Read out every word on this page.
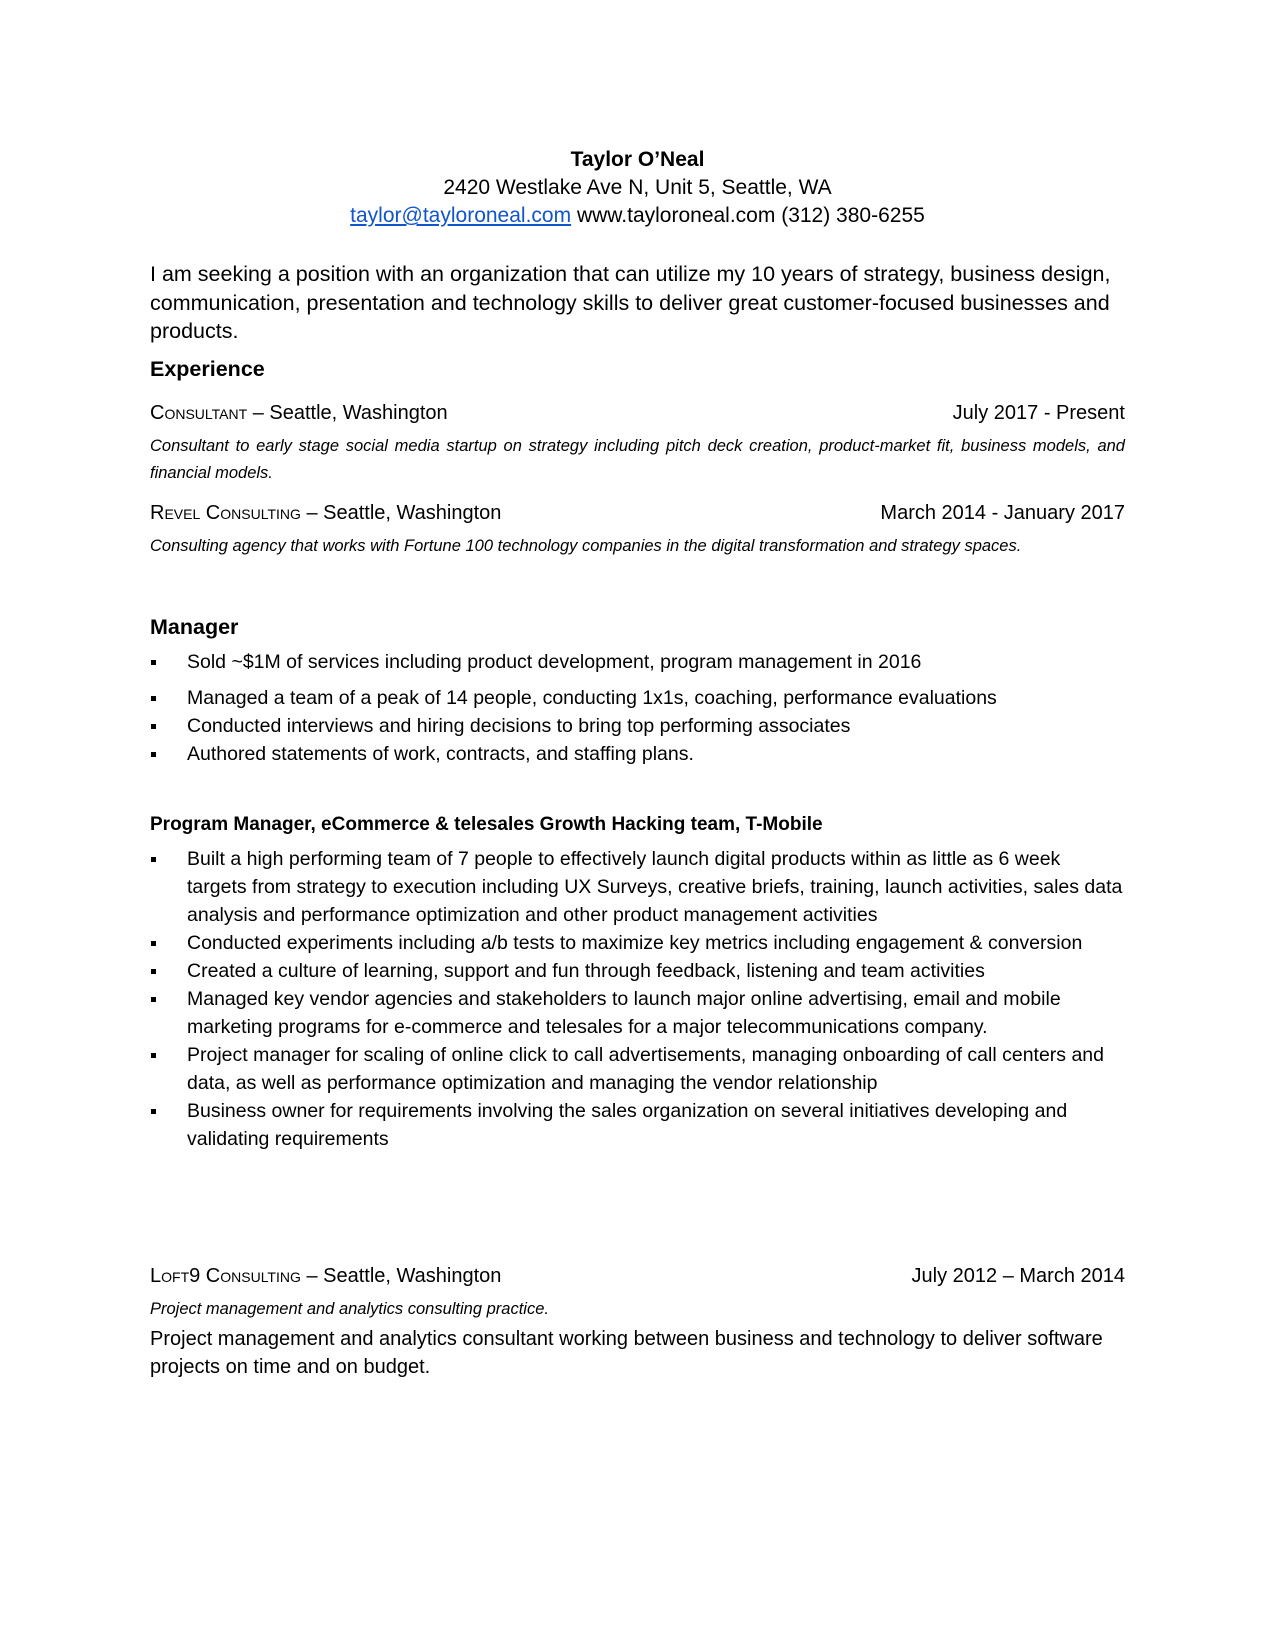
Taylor O’Neal
2420 Westlake Ave N, Unit 5, Seattle, WA
taylor@tayloroneal.com www.tayloroneal.com (312) 380-6255
I am seeking a position with an organization that can utilize my 10 years of strategy, business design, communication, presentation and technology skills to deliver great customer-focused businesses and products.
Experience
Consultant – Seattle, Washington	July 2017 - Present
Consultant to early stage social media startup on strategy including pitch deck creation, product-market fit, business models, and financial models.
Revel Consulting – Seattle, Washington	March 2014 - January 2017
Consulting agency that works with Fortune 100 technology companies in the digital transformation and strategy spaces.
Manager
Sold ~$1M of services including product development, program management in 2016
Managed a team of a peak of 14 people, conducting 1x1s, coaching, performance evaluations
Conducted interviews and hiring decisions to bring top performing associates
Authored statements of work, contracts, and staffing plans.
Program Manager, eCommerce & telesales Growth Hacking team, T-Mobile
Built a high performing team of 7 people to effectively launch digital products within as little as 6 week targets from strategy to execution including UX Surveys, creative briefs, training, launch activities, sales data analysis and performance optimization and other product management activities
Conducted experiments including a/b tests to maximize key metrics including engagement & conversion
Created a culture of learning, support and fun through feedback, listening and team activities
Managed key vendor agencies and stakeholders to launch major online advertising, email and mobile marketing programs for e-commerce and telesales for a major telecommunications company.
Project manager for scaling of online click to call advertisements, managing onboarding of call centers and data, as well as performance optimization and managing the vendor relationship
Business owner for requirements involving the sales organization on several initiatives developing and validating requirements
Loft9 Consulting – Seattle, Washington	July 2012 – March 2014
Project management and analytics consulting practice.
Project management and analytics consultant working between business and technology to deliver software projects on time and on budget.
